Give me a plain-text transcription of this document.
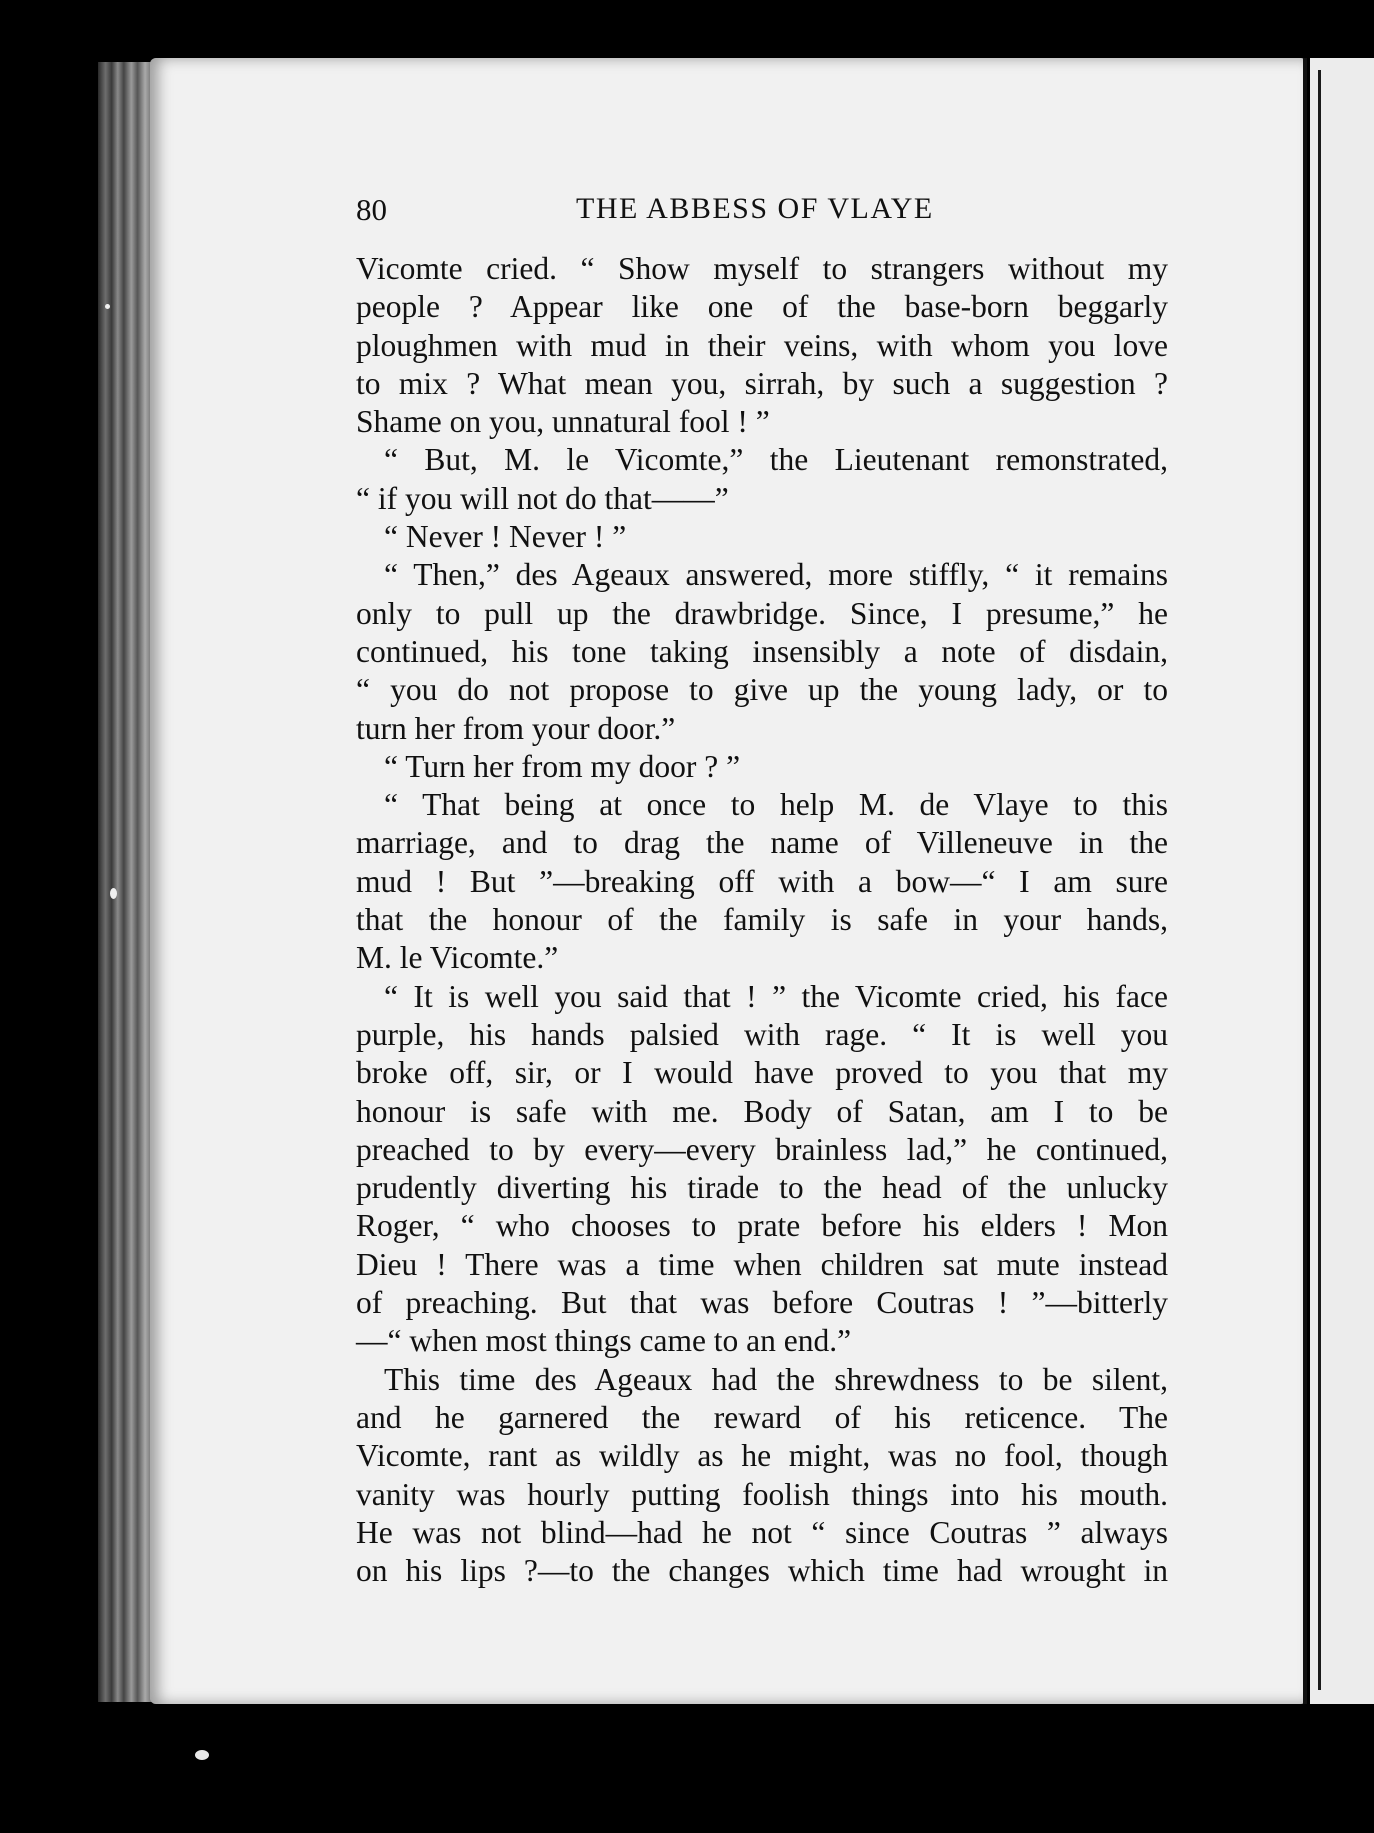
80	THE ABBESS OF VLAYE
Vicomte cried. “ Show myself to strangers without my
people ? Appear like one of the base-born beggarly
ploughmen with mud in their veins, with whom you love
to mix ? What mean you, sirrah, by such a suggestion ?
Shame on you, unnatural fool ! ”
“ But, M. le Vicomte,” the Lieutenant remonstrated,
“ if you will not do that——”
“ Never ! Never ! ”
“ Then,” des Ageaux answered, more stiffly, “ it remains
only to pull up the drawbridge. Since, I presume,” he
continued, his tone taking insensibly a note of disdain,
“ you do not propose to give up the young lady, or to
turn her from your door.”
“ Turn her from my door ? ”
“ That being at once to help M. de Vlaye to this
marriage, and to drag the name of Villeneuve in the
mud ! But ”—breaking off with a bow—“ I am sure
that the honour of the family is safe in your hands,
M. le Vicomte.”
“ It is well you said that ! ” the Vicomte cried, his face
purple, his hands palsied with rage. “ It is well you
broke off, sir, or I would have proved to you that my
honour is safe with me. Body of Satan, am I to be
preached to by every—every brainless lad,” he continued,
prudently diverting his tirade to the head of the unlucky
Roger, “ who chooses to prate before his elders ! Mon
Dieu ! There was a time when children sat mute instead
of preaching. But that was before Coutras ! ”—bitterly
—“ when most things came to an end.”
This time des Ageaux had the shrewdness to be silent,
and he garnered the reward of his reticence. The
Vicomte, rant as wildly as he might, was no fool, though
vanity was hourly putting foolish things into his mouth.
He was not blind—had he not “ since Coutras ” always
on his lips ?—to the changes which time had wrought in
